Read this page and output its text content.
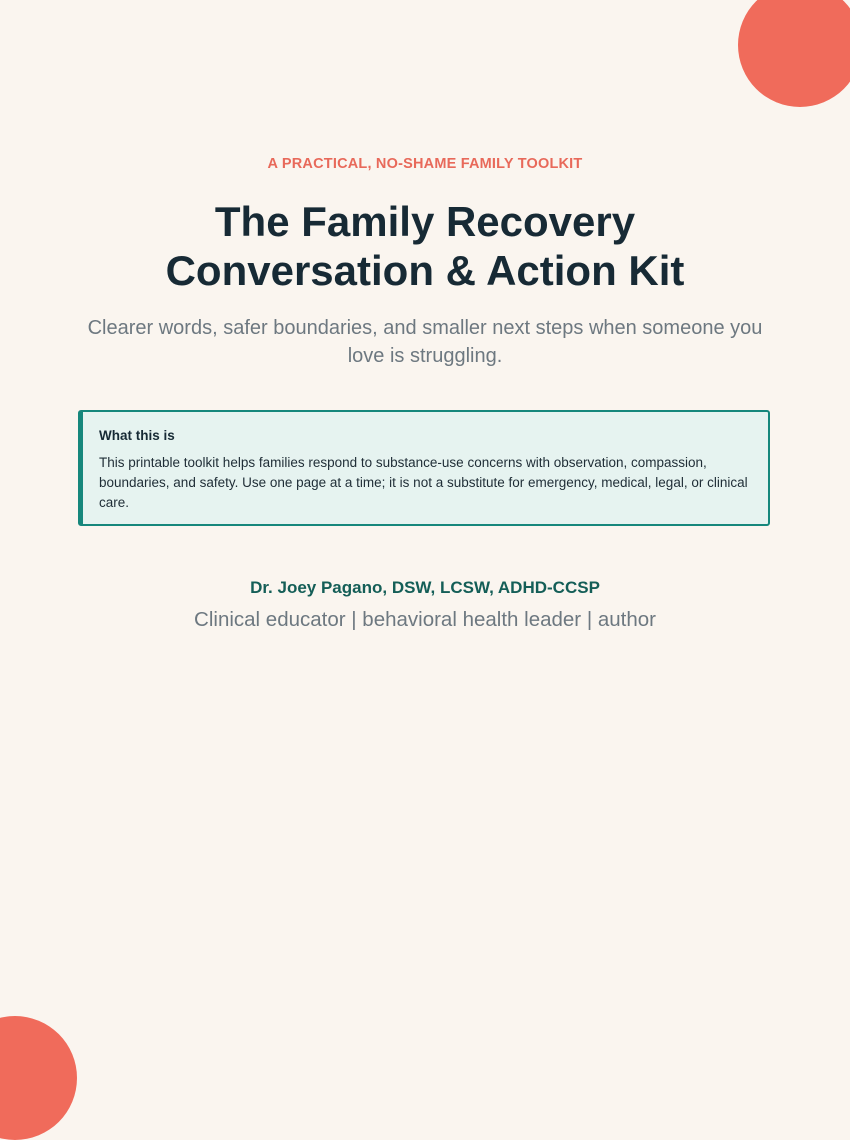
A PRACTICAL, NO-SHAME FAMILY TOOLKIT
The Family Recovery
Conversation & Action Kit
Clearer words, safer boundaries, and smaller next steps when someone you love is struggling.
What this is
This printable toolkit helps families respond to substance-use concerns with observation, compassion, boundaries, and safety. Use one page at a time; it is not a substitute for emergency, medical, legal, or clinical care.
Dr. Joey Pagano, DSW, LCSW, ADHD-CCSP
Clinical educator | behavioral health leader | author
